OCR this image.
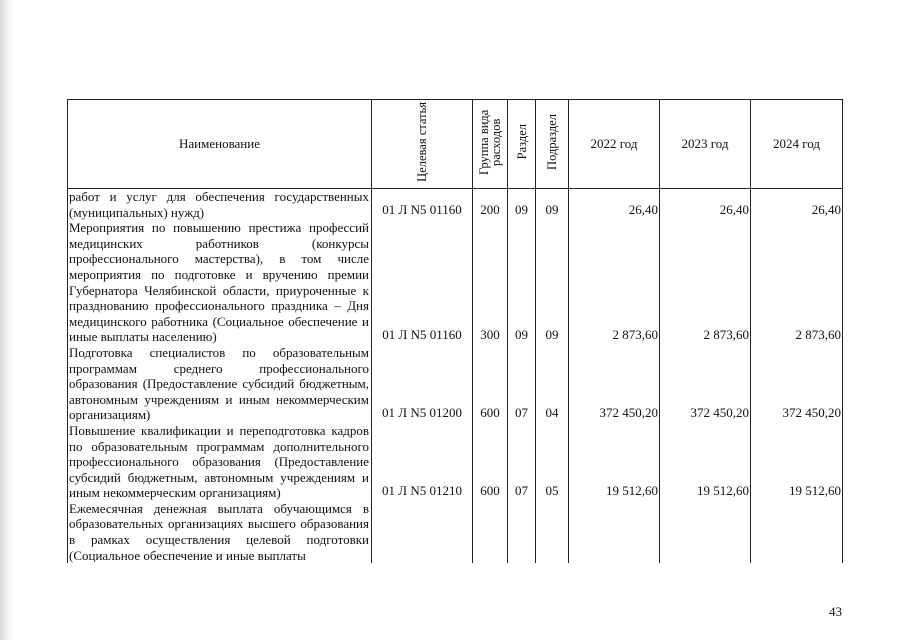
Наименование	Целевая статья	Группа вида расходов	Раздел	Подраздел	2022 год	2023 год	2024 год
работ и услуг для обеспечения государственных (муниципальных) нужд)	01 Л N5 01160	200	09	09	26,40	26,40	26,40
Мероприятия по повышению престижа профессий медицинских работников (конкурсы профессионального мастерства), в том числе мероприятия по подготовке и вручению премии Губернатора Челябинской области, приуроченные к празднованию профессионального праздника – Дня медицинского работника (Социальное обеспечение и иные выплаты населению)	01 Л N5 01160	300	09	09	2 873,60	2 873,60	2 873,60
Подготовка специалистов по образовательным программам среднего профессионального образования (Предоставление субсидий бюджетным, автономным учреждениям и иным некоммерческим организациям)	01 Л N5 01200	600	07	04	372 450,20	372 450,20	372 450,20
Повышение квалификации и переподготовка кадров по образовательным программам дополнительного профессионального образования (Предоставление субсидий бюджетным, автономным учреждениям и иным некоммерческим организациям)	01 Л N5 01210	600	07	05	19 512,60	19 512,60	19 512,60
Ежемесячная денежная выплата обучающимся в образовательных организациях высшего образования в рамках осуществления целевой подготовки (Социальное обеспечение и иные выплаты							
43
